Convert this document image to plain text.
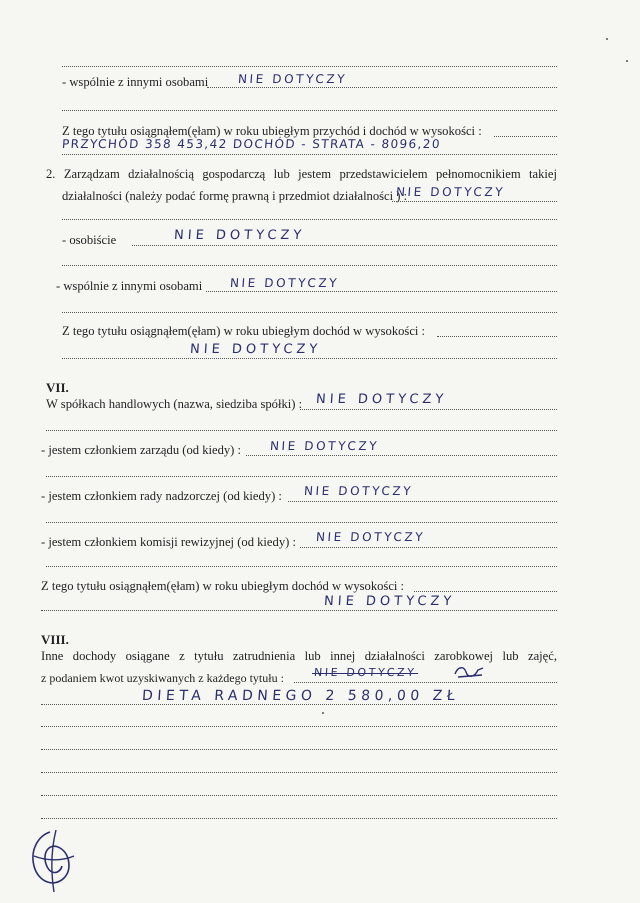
- wspólnie z innymi osobami NIE DOTYCZY
Z tego tytułu osiągnąłem(ęłam) w roku ubiegłym przychód i dochód w wysokości :
PRZYCHÓD 358 453,42 DOCHÓD - STRATA - 8096,20
2. Zarządzam działalnością gospodarczą lub jestem przedstawicielem pełnomocnikiem takiej
działalności (należy podać formę prawną i przedmiot działalności ) :
NIE DOTYCZY
- osobiście	NIE DOTYCZY
- wspólnie z innymi osobami NIE DOTYCZY
Z tego tytułu osiągnąłem(ęłam) w roku ubiegłym dochód w wysokości :
NIE DOTYCZY
VII.
W spółkach handlowych (nazwa, siedziba spółki) : NIE DOTYCZY
- jestem członkiem zarządu (od kiedy) : NIE DOTYCZY
- jestem członkiem rady nadzorczej (od kiedy) : NIE DOTYCZY
- jestem członkiem komisji rewizyjnej (od kiedy) : NIE DOTYCZY
Z tego tytułu osiągnąłem(ęłam) w roku ubiegłym dochód w wysokości :
NIE DOTYCZY
VIII.
Inne dochody osiągane z tytułu zatrudnienia lub innej działalności zarobkowej lub zajęć,
z podaniem kwot uzyskiwanych z każdego tytułu :	NIE DOTYCZY
DIETA RADNEGO 2 580,00 ZŁ
